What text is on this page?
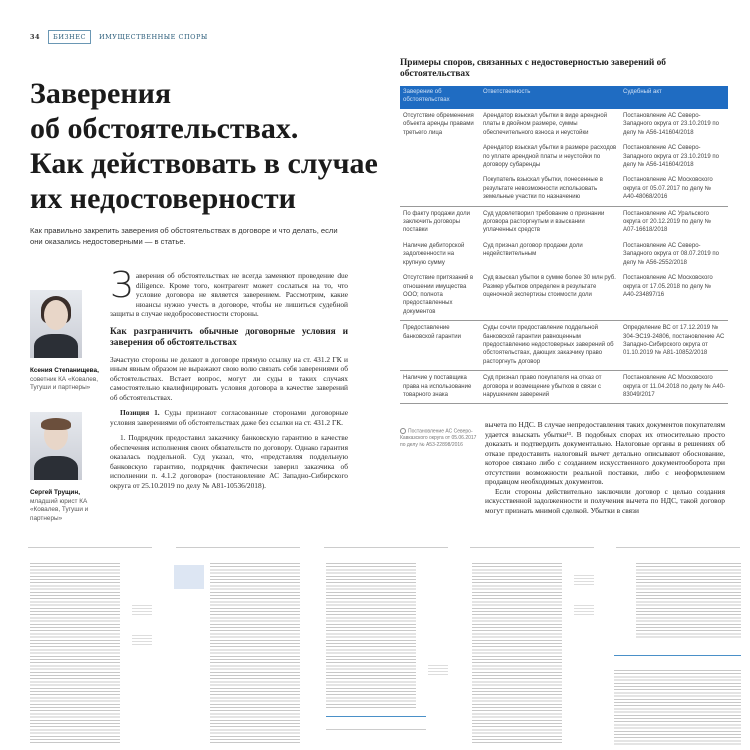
34	БИЗНЕС	ИМУЩЕСТВЕННЫЕ СПОРЫ
Заверения
об обстоятельствах.
Как действовать в случае
их недостоверности
Как правильно закрепить заверения об обстоятельствах в договоре и что делать, если они оказались недостоверными — в статье.
Ксения Степанищева,
советник КА «Ковалев, Тугуши и партнеры»
Сергей Трущин,
младший юрист КА «Ковалев, Тугуши и партнеры»
Заверения об обстоятельствах не всегда заменяют проведение due diligence. Кроме того, контрагент может сослаться на то, что условие договора не является заверением. Рассмотрим, какие нюансы нужно учесть в договоре, чтобы не лишиться судебной защиты в случае недобросовестности стороны.
Как разграничить обычные договорные условия и заверения об обстоятельствах
Зачастую стороны не делают в договоре прямую ссылку на ст. 431.2 ГК и иным явным образом не выражают свою волю связать себя заверениями об обстоятельствах. Встает вопрос, могут ли суды в таких случаях самостоятельно квалифицировать условия договора в качестве заверений об обстоятельствах.
Позиция 1. Суды признают согласованные сторонами договорные условия заверениями об обстоятельствах даже без ссылки на ст. 431.2 ГК.
1. Подрядчик предоставил заказчику банковскую гарантию в качестве обеспечения исполнения своих обязательств по договору. Однако гарантия оказалась поддельной. Суд указал, что, «представляя поддельную банковскую гарантию, подрядчик фактически заверил заказчика об исполнении п. 4.1.2 договора» (постановление АС Западно-Сибирского округа от 25.10.2019 по делу № А81-10536/2018).
Примеры споров, связанных с недостоверностью заверений об обстоятельствах
Заверение об обстоятельствах	Ответственность	Судебный акт
Отсутствие обременения объекта аренды правами третьего лица	Арендатор взыскал убытки в виде арендной платы в двойном размере, суммы обеспечительного взноса и неустойки	Постановление АС Северо-Западного округа от 23.10.2019 по делу № А56-141604/2018
	Арендатор взыскал убытки в размере расходов по уплате арендной платы и неустойки по договору субаренды	Постановление АС Северо-Западного округа от 23.10.2019 по делу № А56-141604/2018
	Покупатель взыскал убытки, понесенные в результате невозможности использовать земельные участки по назначению	Постановление АС Московского округа от 05.07.2017 по делу № А40-48068/2016
По факту продажи доли заключить договоры поставки	Суд удовлетворил требование о признании договора расторгнутым и взыскании уплаченных средств	Постановление АС Уральского округа от 20.12.2019 по делу № А07-16618/2018
Наличие дебиторской задолженности на крупную сумму	Суд признал договор продажи доли недействительным	Постановление АС Северо-Западного округа от 08.07.2019 по делу № А56-2552/2018
Отсутствие притязаний в отношении имущества ООО; полнота предоставленных документов	Суд взыскал убытки в сумме более 30 млн руб. Размер убытков определен в результате оценочной экспертизы стоимости доли	Постановление АС Московского округа от 17.05.2018 по делу № А40-234897/16
Предоставление банковской гарантии	Суды сочли предоставление поддельной банковской гарантии равноценным предоставлению недостоверных заверений об обстоятельствах, дающих заказчику право расторгнуть договор	Определение ВС от 17.12.2019 № 304-ЭС19-24806, постановление АС Западно-Сибирского округа от 01.10.2019 № А81-10852/2018
Наличие у поставщика права на использование товарного знака	Суд признал право покупателя на отказ от договора и возмещение убытков в связи с нарушением заверений	Постановление АС Московского округа от 11.04.2018 по делу № А40-83049/2017
Постановление АС Северо-Кавказского округа от 05.06.2017 по делу № А53-22898/2016

вычета по НДС. В случае непредоставления таких документов покупателям удается взыскать убытки¹¹. В подобных спорах их относительно просто доказать и подтвердить документально. Налоговые органы в решениях об отказе предоставить налоговый вычет детально описывают обоснование, которое связано либо с созданием искусственного документооборота при отсутствии возможности реальной поставки, либо с неоформлением продавцом необходимых документов.

Если стороны действительно заключили договор с целью создания искусственной задолженности и получения вычета по НДС, такой договор могут признать мнимой сделкой. Убытки в связи
